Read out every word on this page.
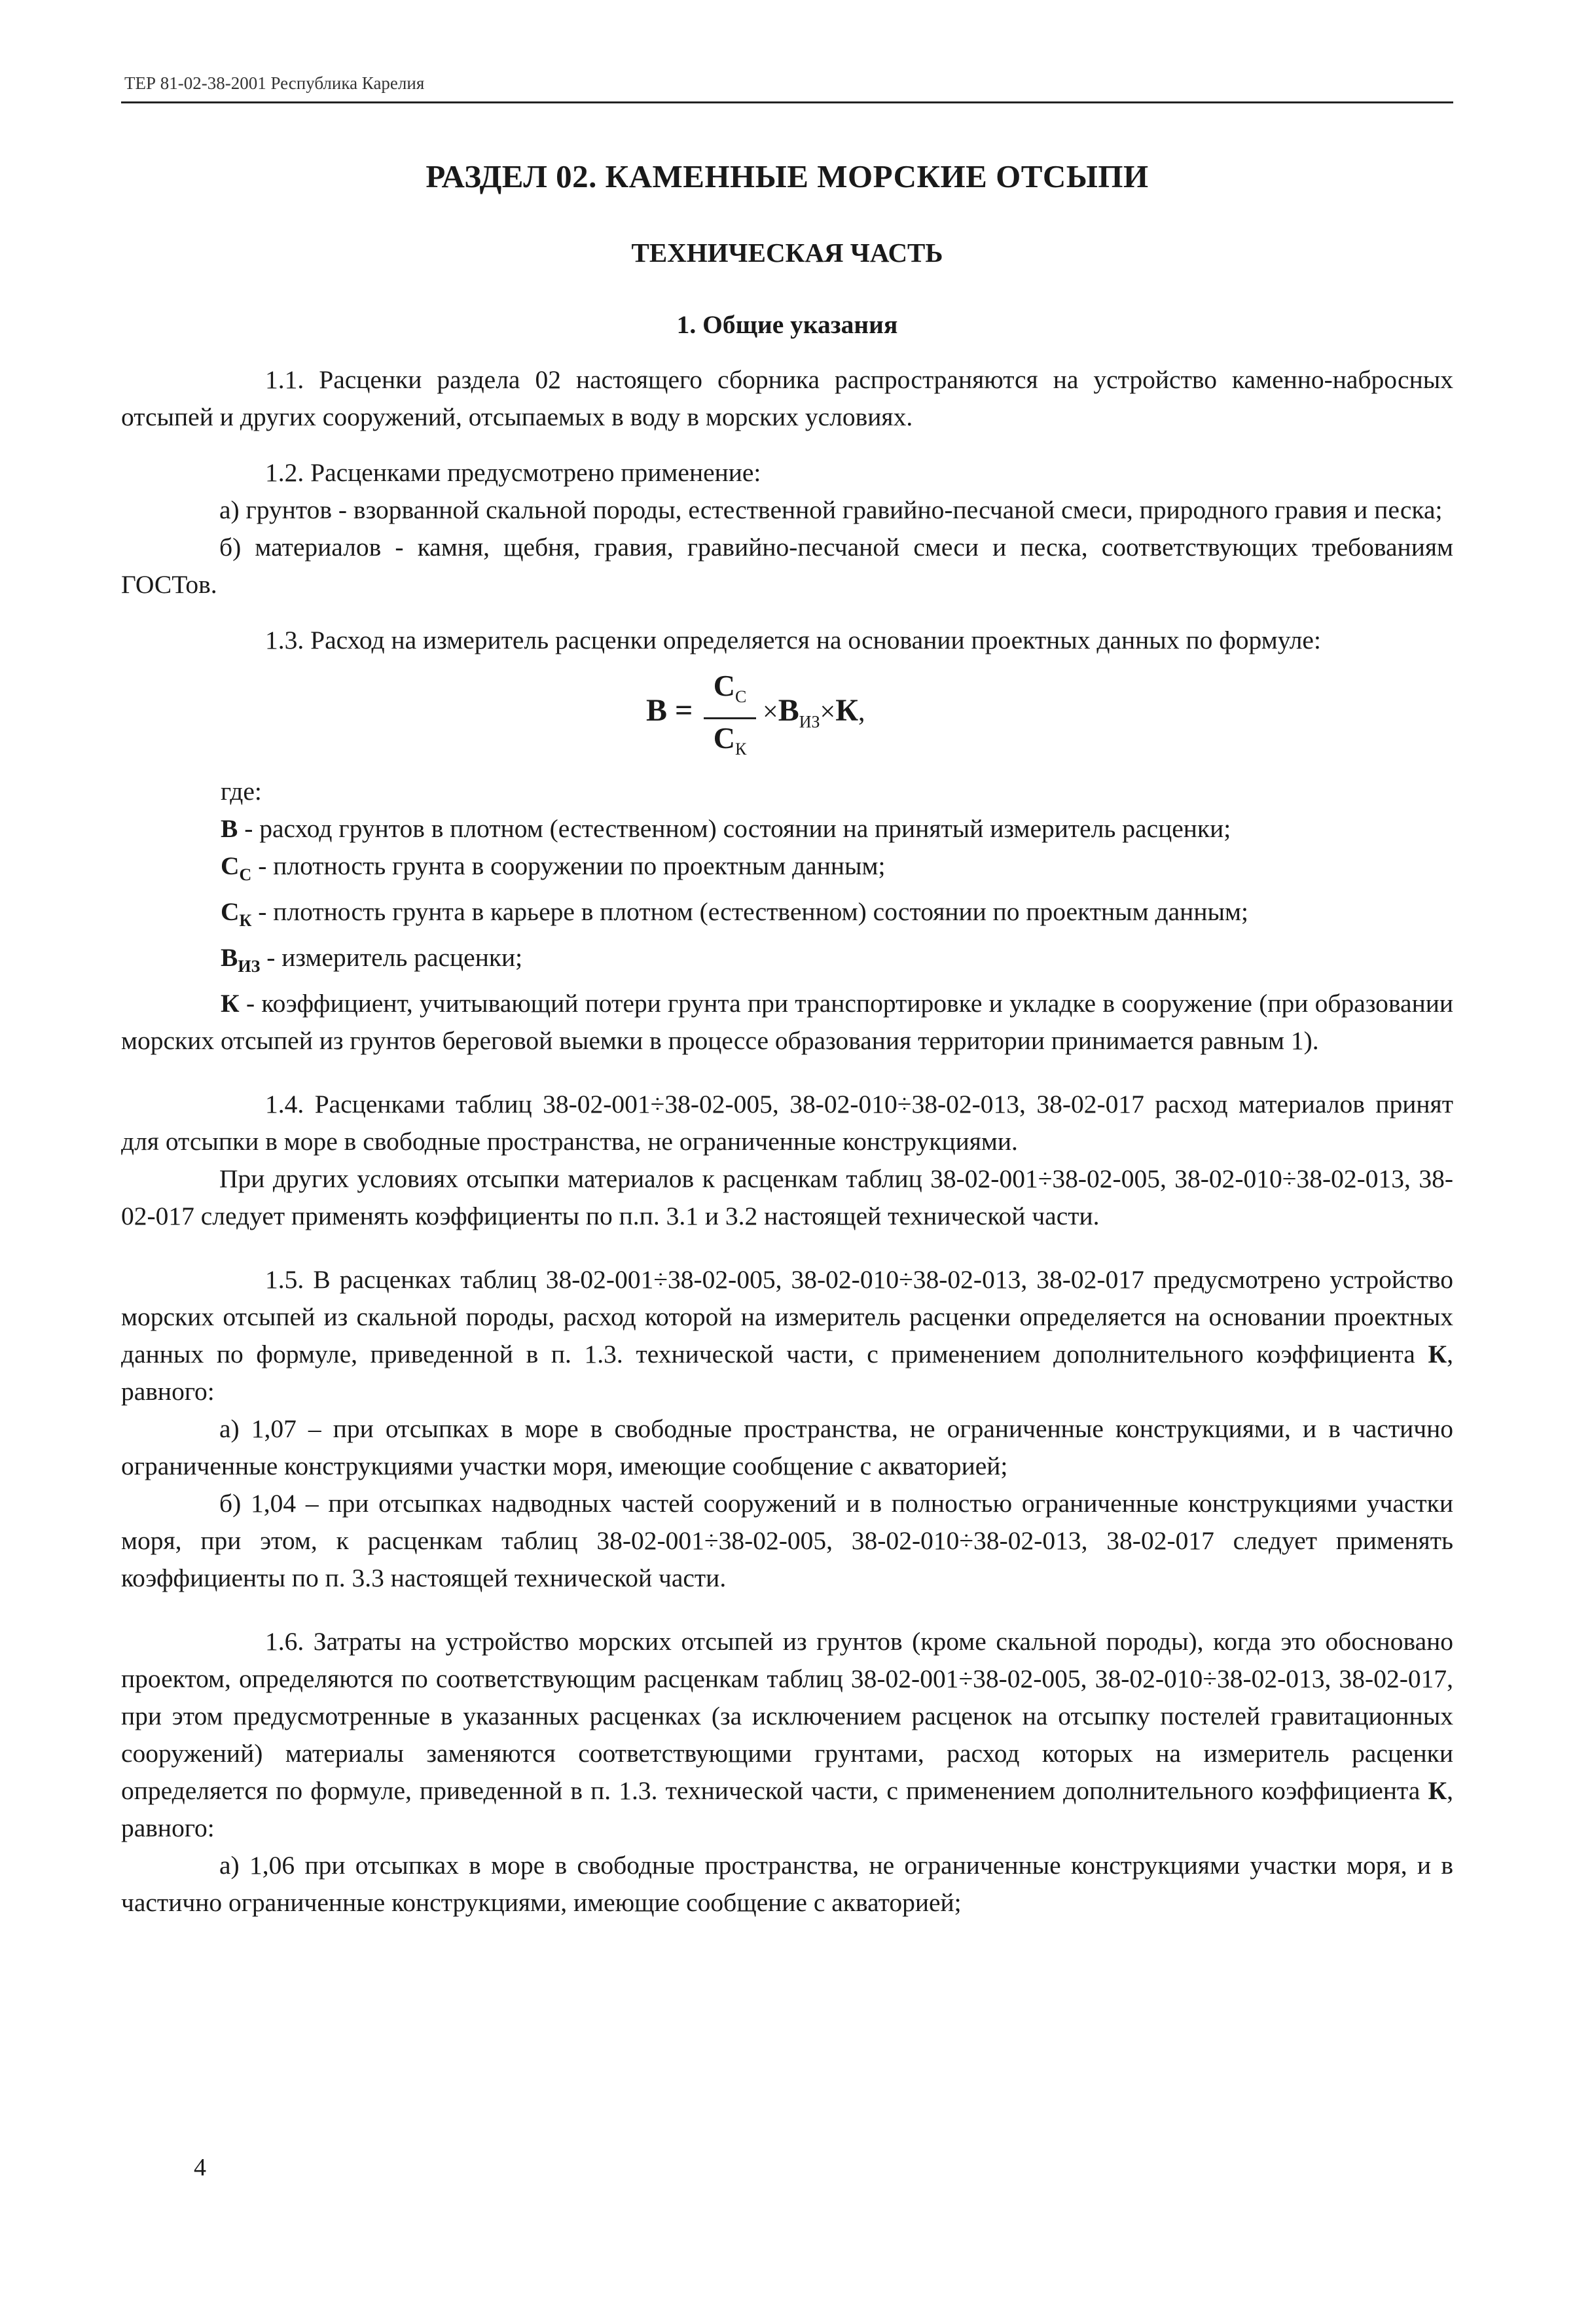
ТЕР 81-02-38-2001 Республика Карелия
РАЗДЕЛ 02. КАМЕННЫЕ МОРСКИЕ ОТСЫПИ
ТЕХНИЧЕСКАЯ ЧАСТЬ
1. Общие указания

1.1. Расценки раздела 02 настоящего сборника распространяются на устройство каменно-набросных отсыпей и других сооружений, отсыпаемых в воду в морских условиях.

1.2. Расценками предусмотрено применение:

а) грунтов - взорванной скальной породы, естественной гравийно-песчаной смеси, природного гравия и песка;

б) материалов - камня, щебня, гравия, гравийно-песчаной смеси и песка, соответствующих требованиям ГОСТов.

1.3. Расход на измеритель расценки определяется на основании проектных данных по формуле:

В =
$С_С$
$С_К$
$\times В_{ИЗ}\times К$,

где:

В - расход грунтов в плотном (естественном) состоянии на принятый измеритель расценки;

$С_С$ - плотность грунта в сооружении по проектным данным;

$С_К$ - плотность грунта в карьере в плотном (естественном) состоянии по проектным данным;

$В_{ИЗ}$ - измеритель расценки;

К - коэффициент, учитывающий потери грунта при транспортировке и укладке в сооружение (при образовании морских отсыпей из грунтов береговой выемки в процессе образования территории принимается равным 1).

1.4. Расценками таблиц 38-02-001÷38-02-005, 38-02-010÷38-02-013, 38-02-017 расход материалов принят для отсыпки в море в свободные пространства, не ограниченные конструкциями.

При других условиях отсыпки материалов к расценкам таблиц 38-02-001÷38-02-005, 38-02-010÷38-02-013, 38-02-017 следует применять коэффициенты по п.п. 3.1 и 3.2 настоящей технической части.

1.5. В расценках таблиц 38-02-001÷38-02-005, 38-02-010÷38-02-013, 38-02-017 предусмотрено устройство морских отсыпей из скальной породы, расход которой на измеритель расценки определяется на основании проектных данных по формуле, приведенной в п. 1.3. технической части, с применением дополнительного коэффициента К, равного:

а) 1,07 – при отсыпках в море в свободные пространства, не ограниченные конструкциями, и в частично ограниченные конструкциями участки моря, имеющие сообщение с акваторией;

б) 1,04 – при отсыпках надводных частей сооружений и в полностью ограниченные конструкциями участки моря, при этом, к расценкам таблиц 38-02-001÷38-02-005, 38-02-010÷38-02-013, 38-02-017 следует применять коэффициенты по п. 3.3 настоящей технической части.

1.6. Затраты на устройство морских отсыпей из грунтов (кроме скальной породы), когда это обосновано проектом, определяются по соответствующим расценкам таблиц 38-02-001÷38-02-005, 38-02-010÷38-02-013, 38-02-017, при этом предусмотренные в указанных расценках (за исключением расценок на отсыпку постелей гравитационных сооружений) материалы заменяются соответствующими грунтами, расход которых на измеритель расценки определяется по формуле, приведенной в п. 1.3. технической части, с применением дополнительного коэффициента К, равного:

а) 1,06 при отсыпках в море в свободные пространства, не ограниченные конструкциями участки моря, и в частично ограниченные конструкциями, имеющие сообщение с акваторией;

4
